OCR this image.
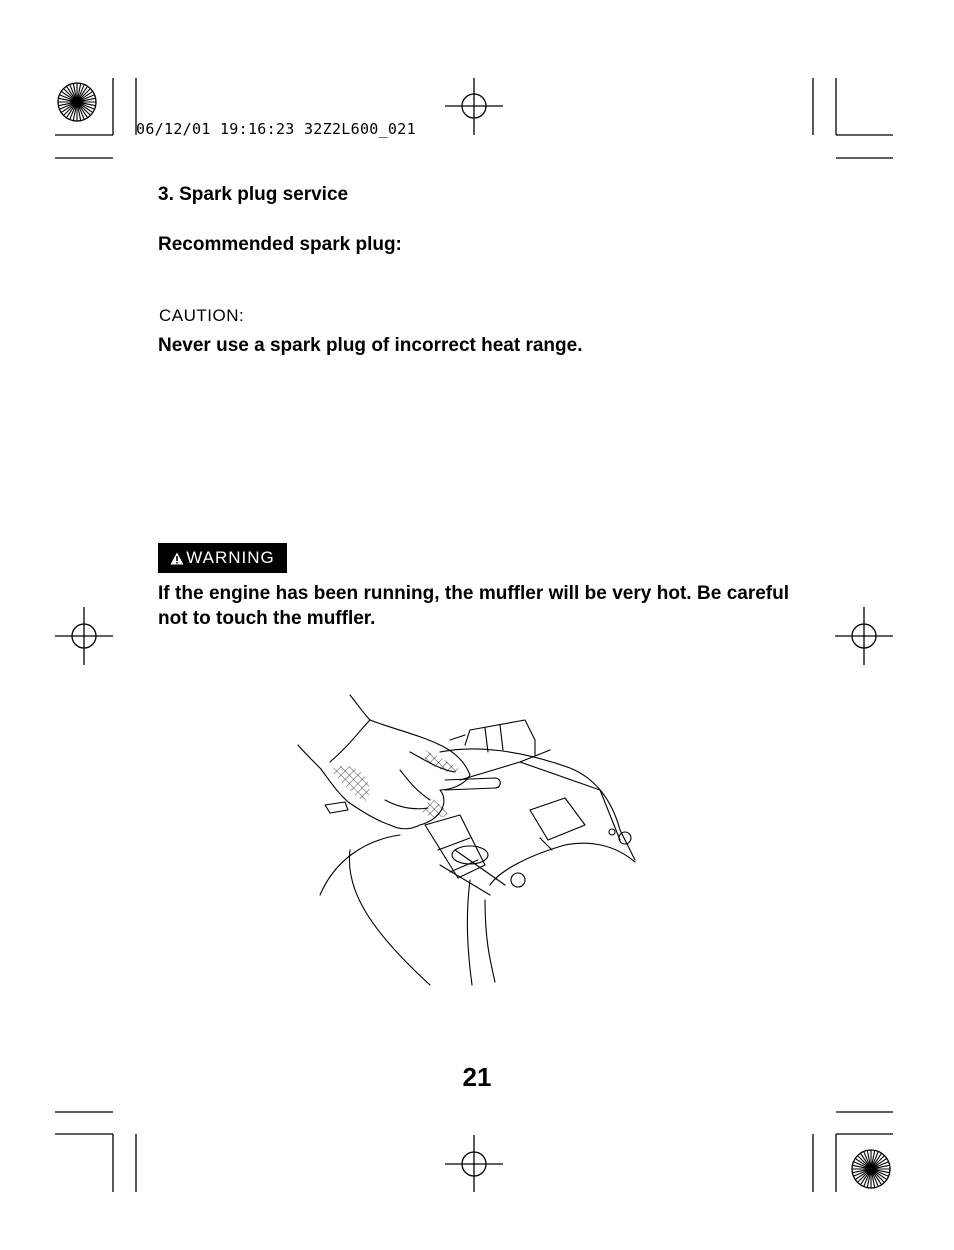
06/12/01 19:16:23 32Z2L600_021
3. Spark plug service
Recommended spark plug:
CAUTION:
Never use a spark plug of incorrect heat range.
WARNING
If the engine has been running, the muffler will be very hot. Be careful not to touch the muffler.
21
